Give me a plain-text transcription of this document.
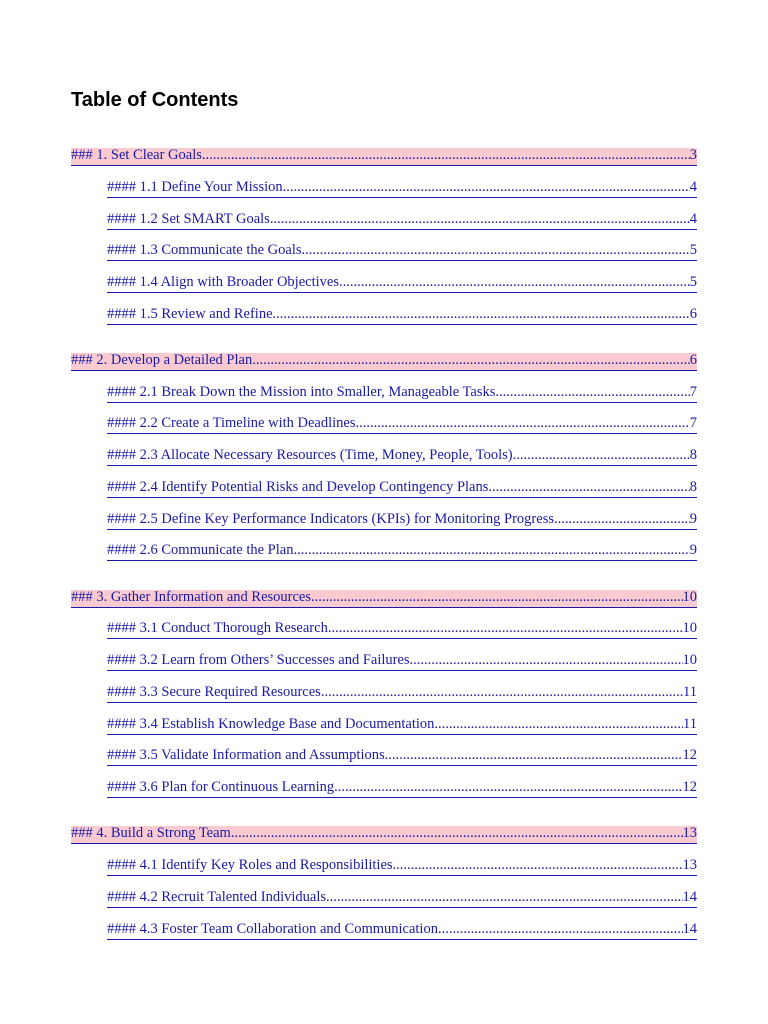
Table of Contents
### 1. Set Clear Goals .....	3
#### 1.1 Define Your Mission .....	4
#### 1.2 Set SMART Goals .....	4
#### 1.3 Communicate the Goals .....	5
#### 1.4 Align with Broader Objectives .....	5
#### 1.5 Review and Refine .....	6
### 2. Develop a Detailed Plan .....	6
#### 2.1 Break Down the Mission into Smaller, Manageable Tasks .....	7
#### 2.2 Create a Timeline with Deadlines .....	7
#### 2.3 Allocate Necessary Resources (Time, Money, People, Tools) .....	8
#### 2.4 Identify Potential Risks and Develop Contingency Plans .....	8
#### 2.5 Define Key Performance Indicators (KPIs) for Monitoring Progress .....	9
#### 2.6 Communicate the Plan .....	9
### 3. Gather Information and Resources .....	10
#### 3.1 Conduct Thorough Research .....	10
#### 3.2 Learn from Others’ Successes and Failures .....	10
#### 3.3 Secure Required Resources .....	11
#### 3.4 Establish Knowledge Base and Documentation .....	11
#### 3.5 Validate Information and Assumptions .....	12
#### 3.6 Plan for Continuous Learning .....	12
### 4. Build a Strong Team .....	13
#### 4.1 Identify Key Roles and Responsibilities .....	13
#### 4.2 Recruit Talented Individuals .....	14
#### 4.3 Foster Team Collaboration and Communication .....	14
